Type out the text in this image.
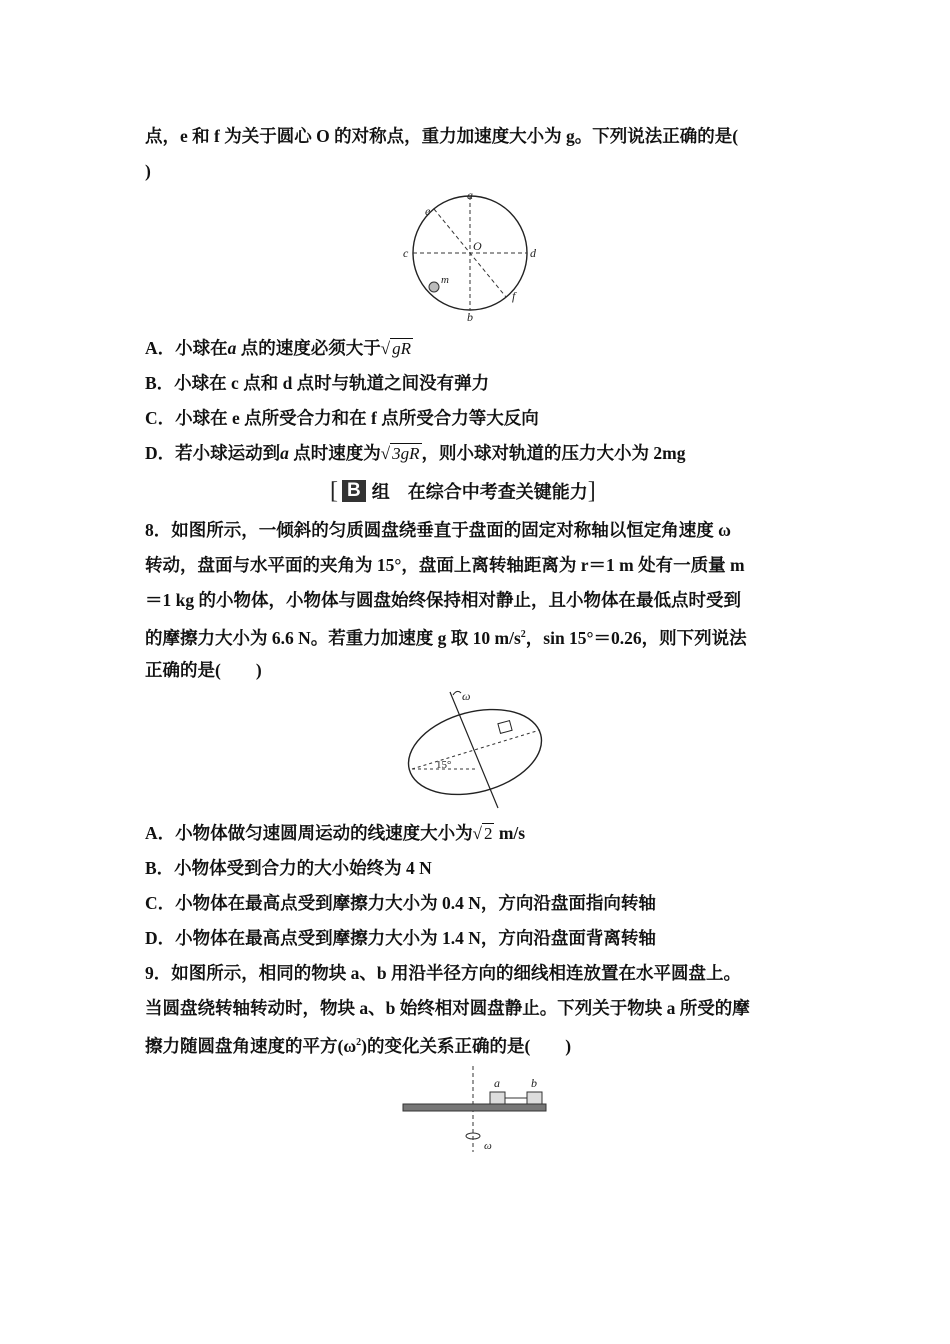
点，e 和 f 为关于圆心 O 的对称点，重力加速度大小为 g。下列说法正确的是(
)
a
b
c	d
e
f
O
m
A．小球在a 点的速度必须大于√ gR
B．小球在 c 点和 d 点时与轨道之间没有弹力
C．小球在 e 点所受合力和在 f 点所受合力等大反向
D．若小球运动到a 点时速度为√ 3gR ，则小球对轨道的压力大小为 2mg
[ B 组 在综合中考查关键能力 ]
8．如图所示，一倾斜的匀质圆盘绕垂直于盘面的固定对称轴以恒定角速度 ω
转动，盘面与水平面的夹角为 15°，盘面上离转轴距离为 r＝1 m 处有一质量 m
＝1 kg 的小物体，小物体与圆盘始终保持相对静止，且小物体在最低点时受到
的摩擦力大小为 6.6 N。若重力加速度 g 取 10 $m/s^2$，sin 15°＝0.26，则下列说法
正确的是(　　)
ω
15°
A．小物体做匀速圆周运动的线速度大小为√ 2 m/s
B．小物体受到合力的大小始终为 4 N
C．小物体在最高点受到摩擦力大小为 0.4 N，方向沿盘面指向转轴
D．小物体在最高点受到摩擦力大小为 1.4 N，方向沿盘面背离转轴
9．如图所示，相同的物块 a、b 用沿半径方向的细线相连放置在水平圆盘上。
当圆盘绕转轴转动时，物块 a、b 始终相对圆盘静止。下列关于物块 a 所受的摩
擦力随圆盘角速度的平方$(\omega^2)$的变化关系正确的是(　　)
a	b
ω
